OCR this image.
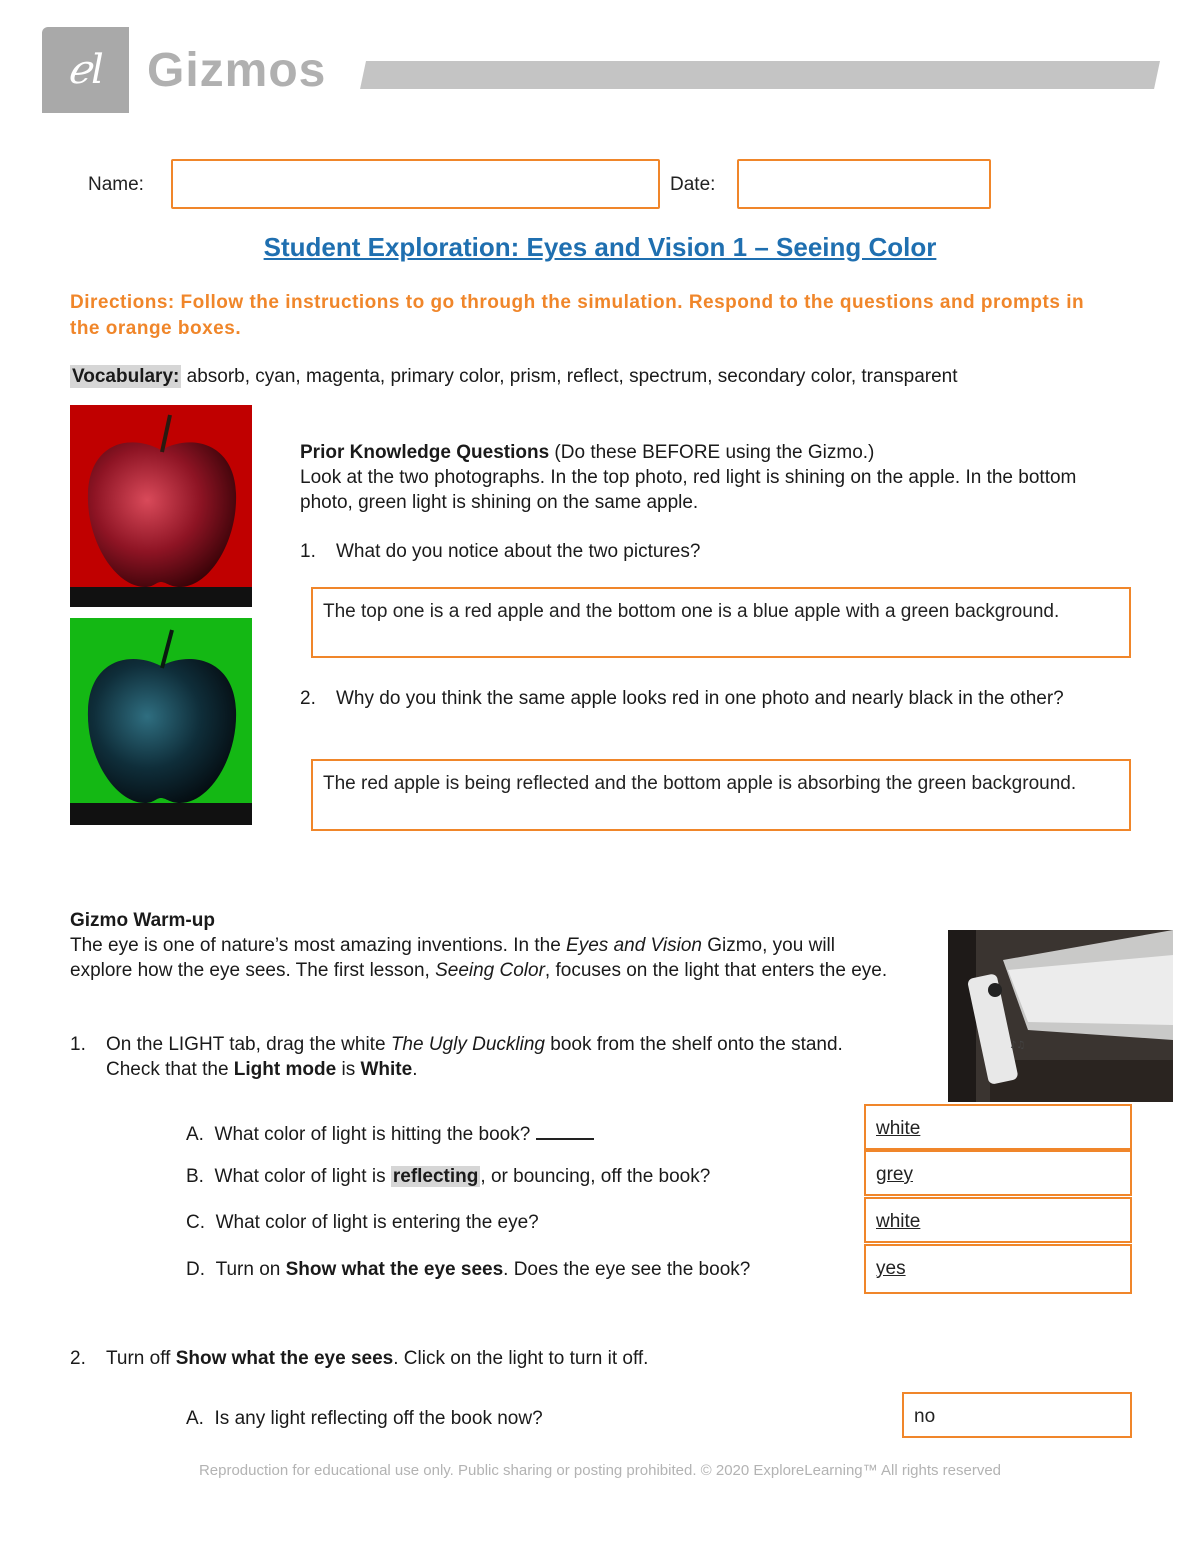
ℯl Gizmos
Name:	Date:
Student Exploration: Eyes and Vision 1 – Seeing Color
Directions: Follow the instructions to go through the simulation. Respond to the questions and prompts in the orange boxes.
Vocabulary: absorb, cyan, magenta, primary color, prism, reflect, spectrum, secondary color, transparent
Prior Knowledge Questions (Do these BEFORE using the Gizmo.)
Look at the two photographs. In the top photo, red light is shining on the apple. In the bottom photo, green light is shining on the same apple.
1. What do you notice about the two pictures?
The top one is a red apple and the bottom one is a blue apple with a green background.
2. Why do you think the same apple looks red in one photo and nearly black in the other?
The red apple is being reflected and the bottom apple is absorbing the green background.
Gizmo Warm-up
The eye is one of nature’s most amazing inventions. In the Eyes and Vision Gizmo, you will explore how the eye sees. The first lesson, Seeing Color, focuses on the light that enters the eye.
♪♫
1. On the LIGHT tab, drag the white The Ugly Duckling book from the shelf onto the stand. Check that the Light mode is White.
A. What color of light is hitting the book?	white
B. What color of light is reflecting , or bouncing, off the book?	grey
C. What color of light is entering the eye?	white
D. Turn on Show what the eye sees. Does the eye see the book?	yes
2. Turn off Show what the eye sees. Click on the light to turn it off.
A. Is any light reflecting off the book now?	no
Reproduction for educational use only. Public sharing or posting prohibited. © 2020 ExploreLearning™ All rights reserved
